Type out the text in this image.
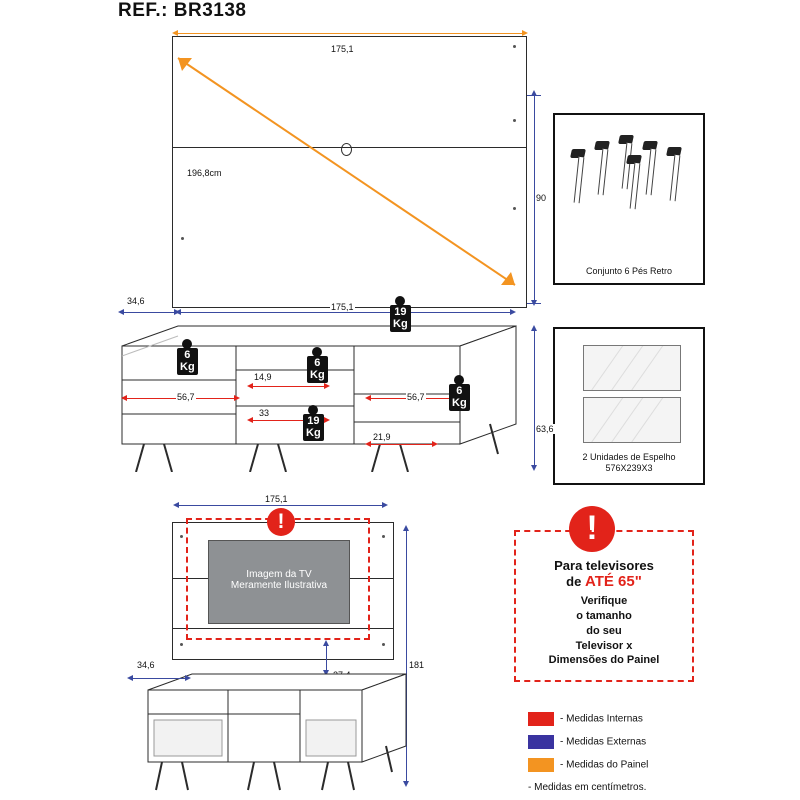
REF.: BR3138
175,1
90
196,8cm
Conjunto 6 Pés Retro
2 Unidades de Espelho
576X239X3
34,6
175,1
63,6
56,7
14,9
33
56,7
21,9
19
Kg
6
Kg	6
Kg
6
Kg
19
Kg
Imagem da TV
Meramente Ilustrativa
!
175,1
181
34,6
!
Para televisores
de ATÉ 65"
Verifique
o tamanho
do seu
Televisor x
Dimensões do Painel
- Medidas Internas
- Medidas Externas
- Medidas do Painel
- Medidas em centímetros.
